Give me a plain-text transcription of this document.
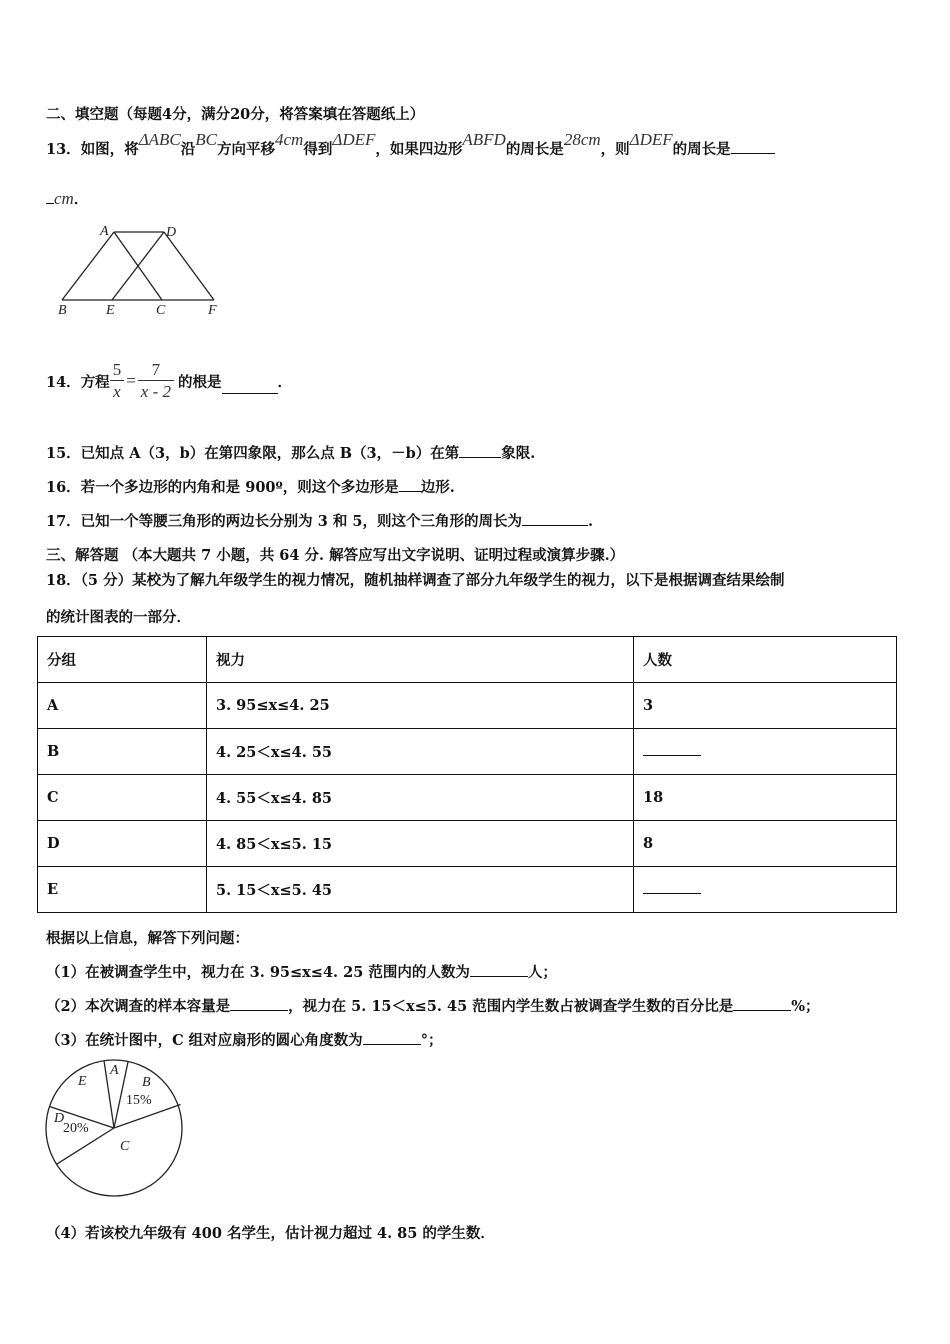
二、填空题（每题4分，满分20分，将答案填在答题纸上）
13．如图，将ΔABC沿BC方向平移4cm得到ΔDEF，如果四边形ABFD的周长是28cm，则ΔDEF的周长是
cm．
A	D
B	E	C	F
14． 方程 $\frac{5}{x} = \frac{7}{x - 2}$ 的根是	．
15．已知点 A（3，b）在第四象限，那么点 B（3，－b）在第	象限.
16．若一个多边形的内角和是 900º，则这个多边形是 边形.
17．已知一个等腰三角形的两边长分别为 3 和 5，则这个三角形的周长为	.
三、解答题 （本大题共 7 小题，共 64 分. 解答应写出文字说明、证明过程或演算步骤.）
18．（5 分）某校为了解九年级学生的视力情况，随机抽样调查了部分九年级学生的视力，以下是根据调查结果绘制
的统计图表的一部分．
分组	视力	人数
A	3. 95≤x≤4. 25	3
B	4. 25＜x≤4. 55	
C	4. 55＜x≤4. 85	18
D	4. 85＜x≤5. 15	8
E	5. 15＜x≤5. 45	
根据以上信息，解答下列问题：
（1）在被调查学生中，视力在 3. 95≤x≤4. 25 范围内的人数为	人；
（2）本次调查的样本容量是	，视力在 5. 15＜x≤5. 45 范围内学生数占被调查学生数的百分比是	%；
（3）在统计图中，C 组对应扇形的圆心角度数为	°；
E
A
B
15%
D
20%
C
（4）若该校九年级有 400 名学生，估计视力超过 4. 85 的学生数．
